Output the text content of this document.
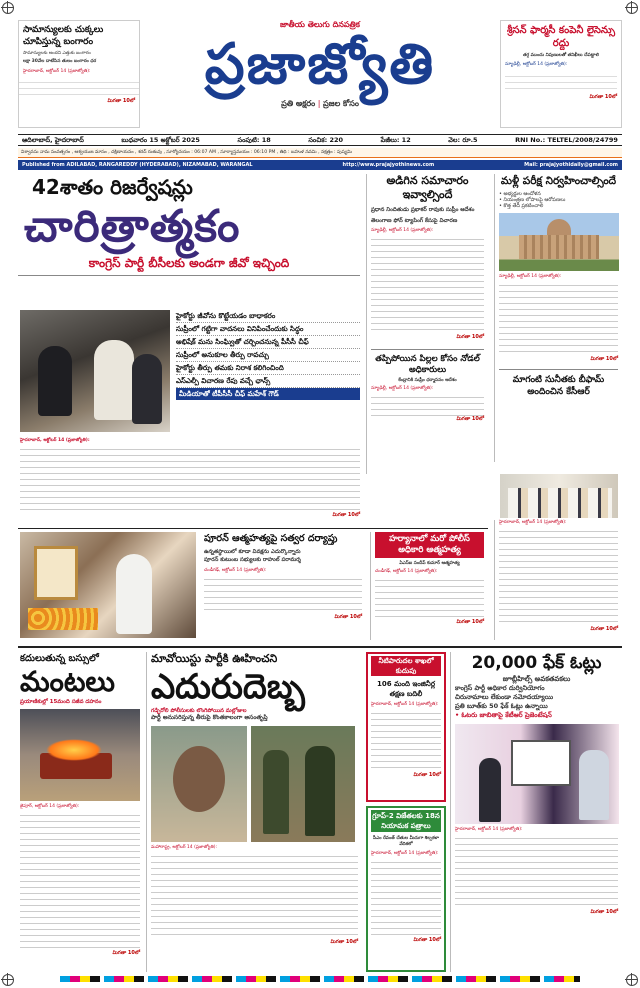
సామాన్యులకు చుక్కలు చూపిస్తున్న బంగారం
సామాన్యులకు అందని ఎత్తుకు బంగారం
లక్షా 30వేల దాటేసిన తులం బంగారం ధర
హైదరాబాద్, అక్టోబర్ 14 (ప్రజాజ్యోతి):
మిగతా 10లో
జాతీయ తెలుగు దినపత్రిక
ప్రజాజ్యోతి
ప్రతి అక్షరం | ప్రజల కోసం
శ్రీసన్ ఫార్మసీ కంపెనీ లైసెన్సు రద్దు
తగ్గ ముందు నిపుణులతో తనిఖీలు చేపట్టాలి
న్యూఢిల్లీ, అక్టోబర్ 14 (ప్రజాజ్యోతి):
మిగతా 10లో
ఆదిలాబాద్, హైదరాబాద్	బుధవారం 15 అక్టోబర్ 2025	సంపుటి: 18	సంచిక: 220	పేజీలు: 12	వెల: రూ.5	RNI No.: TELTEL/2008/24799
విశ్వావసు నామ సంవత్సరం , ఆశ్వయుజ మాసం , దక్షిణాయనం , శరద్ రుతువు , సూర్యోదయం : 06:07 AM , సూర్యాస్తమయం : 06:10 PM , తిథి : బహుళ నవమి , నక్షత్రం : పుష్యమి
Published from ADILABAD, RANGAREDDY (HYDERABAD), NIZAMABAD, WARANGAL	http://www.prajajyothinews.com	Mail: prajajyothidaily@gmail.com
42శాతం రిజర్వేషన్లు
చారిత్రాత్మకం
కాంగ్రెస్ పార్టీ బీసీలకు అండగా జీవో ఇచ్చింది
హైకోర్టు జీవోను కొట్టేయడం బాధాకరం
సుప్రీంలో గట్టిగా వాదనలు వినిపించేందుకు సిద్ధం
అభిషేక్ మను సింఘ్వితో చర్చించనున్న పీసీసీ చీఫ్
సుప్రీంలో అనుకూల తీర్పు రావచ్చు
హైకోర్టు తీర్పు తమకు నిరాశ కలిగించింది
ఎస్ఎల్పీ విచారణ రేపు వచ్చే ఛాన్స్
మీడియాతో టీపీసీసీ చీఫ్ మహేశ్ గౌడ్
హైదరాబాద్, అక్టోబర్ 14 (ప్రజాజ్యోతి):
మిగతా 10లో
అడిగిన సమాచారం ఇవ్వాల్సిందే
ప్రధాన నిందితుడు ప్రభాకర్ రావుకు సుప్రీం ఆదేశం
తెలంగాణ ఫోన్ ట్యాపింగ్ కేసుపై విచారణ
న్యూఢిల్లీ, అక్టోబర్ 14 (ప్రజాజ్యోతి):
మిగతా 10లో
తప్పిపోయిన పిల్లల కోసం నోడల్ అధికారులు
కేంద్రానికి సుప్రీం ధర్మాసనం ఆదేశం
న్యూఢిల్లీ, అక్టోబర్ 14 (ప్రజాజ్యోతి):
మిగతా 10లో
మళ్లీ పరీక్ష నిర్వహించాల్సిందే
• అభ్యర్థుల ఆందోళన
• నియంత్రణ లోపాలపై ఆరోపణలు
• కొత్త తేదీ ప్రకటించాలి
న్యూఢిల్లీ, అక్టోబర్ 14 (ప్రజాజ్యోతి):
మిగతా 10లో
మాగంటి సునీతకు బీఫామ్ అందించిన కేసీఆర్
హైదరాబాద్, అక్టోబర్ 14 (ప్రజాజ్యోతి):
మిగతా 10లో
పూరన్ ఆత్మహత్యపై సత్వర దర్యాప్తు
ఉన్నతస్థాయిలో కూడా వివక్షను ఎదుర్కొన్నారు
పూరన్ కుటుంబ సభ్యులకు రాహుల్ పరామర్శ
చండీగఢ్, అక్టోబర్ 14 (ప్రజాజ్యోతి):
మిగతా 10లో
హర్యానాలో మరో పోలీస్ అధికారి ఆత్మహత్య
ఏఎస్ఐ సందీప్ కుమార్ ఆత్మహత్య
చండీగఢ్, అక్టోబర్ 14 (ప్రజాజ్యోతి):
మిగతా 10లో
కదులుతున్న బస్సులో
మంటలు
ప్రయాణికుల్లో 15మంది సజీవ దహనం
జైపూర్, అక్టోబర్ 14 (ప్రజాజ్యోతి):
మిగతా 10లో
మావోయిస్టు పార్టీకి ఊహించని
ఎదురుదెబ్బ
గడ్చిరోలి పోలీసులకు లొంగిపోయిన మల్లోజుల
పార్టీ అనుసరిస్తున్న తీరుపై కొంతకాలంగా అసంతృప్తి
మహారాష్ట్ర, అక్టోబర్ 14 (ప్రజాజ్యోతి):
మిగతా 10లో
నీటిపారుదల శాఖలో కుదుపు
106 మంది ఇంజినీర్ల తక్షణ బదిలీ
హైదరాబాద్, అక్టోబర్ 14 (ప్రజాజ్యోతి):
మిగతా 10లో
గ్రూప్-2 విజేతలకు 18న నియామక పత్రాలు
సీఎం రేవంత్ చేతుల మీదుగా శిల్పకళా వేదికలో
హైదరాబాద్, అక్టోబర్ 14 (ప్రజాజ్యోతి):
మిగతా 10లో
20,000 ఫేక్ ఓట్లు
జూబ్లీహిల్స్ అవకతవకలు
కాంగ్రెస్ పార్టీ అధికార దుర్వినియోగం
చిరునామాలు లేకుండా నమోదయ్యాయి
ప్రతి బూత్‌కు 50 ఫేక్ ఓట్లు ఉన్నాయి
• ఓటరు జాబితాపై కేటీఆర్ ప్రెజెంటేషన్
హైదరాబాద్, అక్టోబర్ 14 (ప్రజాజ్యోతి):
మిగతా 10లో
